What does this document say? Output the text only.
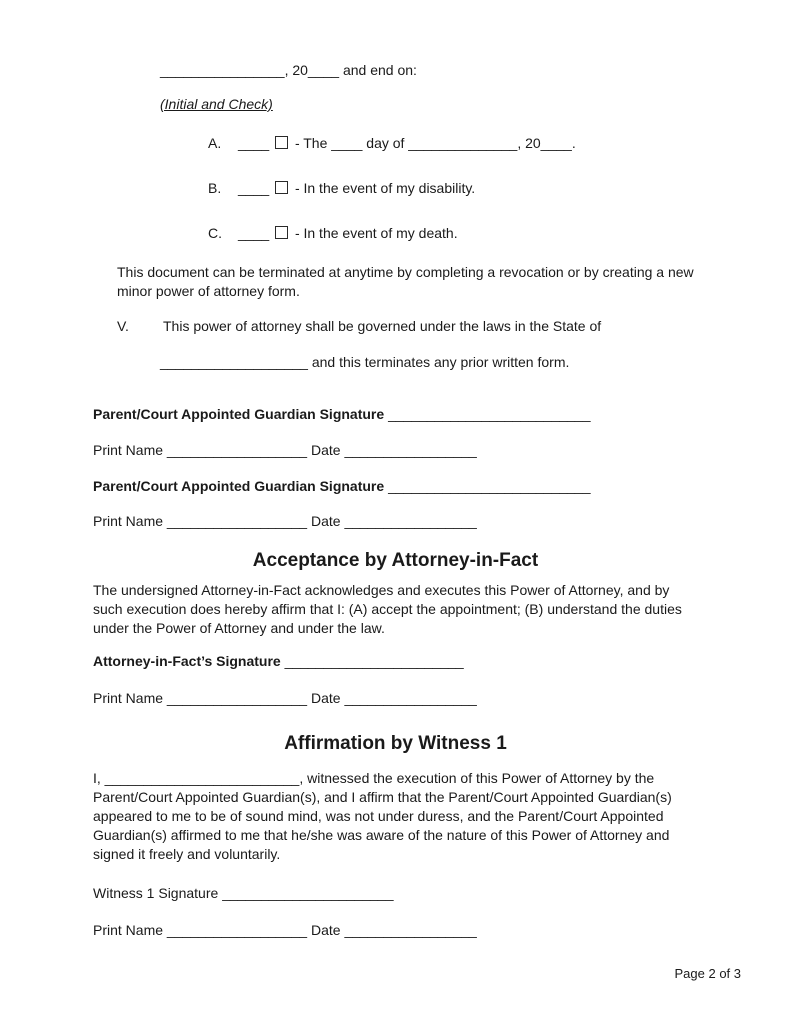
________________, 20____ and end on:
(Initial and Check)
A. ____ - The ____ day of ______________, 20____.
B. ____ - In the event of my disability.
C. ____ - In the event of my death.
This document can be terminated at anytime by completing a revocation or by creating a new minor power of attorney form.
V. This power of attorney shall be governed under the laws in the State of
___________________ and this terminates any prior written form.
Parent/Court Appointed Guardian Signature __________________________
Print Name __________________ Date _________________
Parent/Court Appointed Guardian Signature __________________________
Print Name __________________ Date _________________
Acceptance by Attorney-in-Fact
The undersigned Attorney-in-Fact acknowledges and executes this Power of Attorney, and by such execution does hereby affirm that I: (A) accept the appointment; (B) understand the duties under the Power of Attorney and under the law.
Attorney-in-Fact’s Signature _______________________
Print Name __________________ Date _________________
Affirmation by Witness 1
I, _________________________, witnessed the execution of this Power of Attorney by the Parent/Court Appointed Guardian(s), and I affirm that the Parent/Court Appointed Guardian(s) appeared to me to be of sound mind, was not under duress, and the Parent/Court Appointed Guardian(s) affirmed to me that he/she was aware of the nature of this Power of Attorney and signed it freely and voluntarily.
Witness 1 Signature ______________________
Print Name __________________ Date _________________
Page 2 of 3
